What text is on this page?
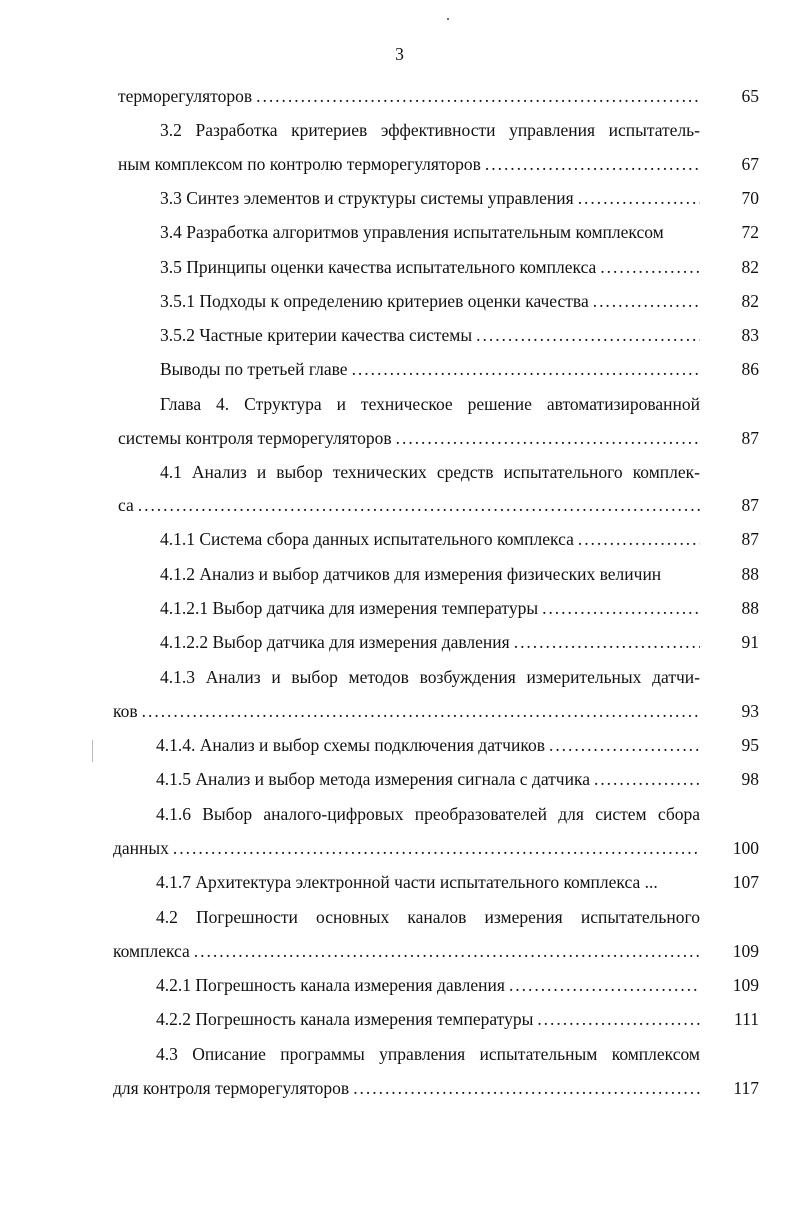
3
терморегуляторов . . .	65
3.2 Разработка критериев эффективности управления испытатель-
ным комплексом по контролю терморегуляторов . . .	67
3.3 Синтез элементов и структуры системы управления . . .	70
3.4 Разработка алгоритмов управления испытательным комплексом	72
3.5 Принципы оценки качества испытательного комплекса . . .	82
3.5.1 Подходы к определению критериев оценки качества . . .	82
3.5.2 Частные критерии качества системы . . .	83
Выводы по третьей главе . . .	86
Глава 4. Структура и техническое решение автоматизированной
системы контроля терморегуляторов . . .	87
4.1 Анализ и выбор технических средств испытательного комплек-
са . . .	87
4.1.1 Система сбора данных испытательного комплекса . . .	87
4.1.2 Анализ и выбор датчиков для измерения физических величин	88
4.1.2.1 Выбор датчика для измерения температуры . . .	88
4.1.2.2 Выбор датчика для измерения давления . . .	91
4.1.3 Анализ и выбор методов возбуждения измерительных датчи-
ков . . .	93
4.1.4. Анализ и выбор схемы подключения датчиков . . .	95
4.1.5 Анализ и выбор метода измерения сигнала с датчика . . .	98
4.1.6 Выбор аналого-цифровых преобразователей для систем сбора
данных . . .	100
4.1.7 Архитектура электронной части испытательного комплекса ...	107
4.2 Погрешности основных каналов измерения испытательного
комплекса . . .	109
4.2.1 Погрешность канала измерения давления . . .	109
4.2.2 Погрешность канала измерения температуры . . .	111
4.3 Описание программы управления испытательным комплексом
для контроля терморегуляторов . . .	117
